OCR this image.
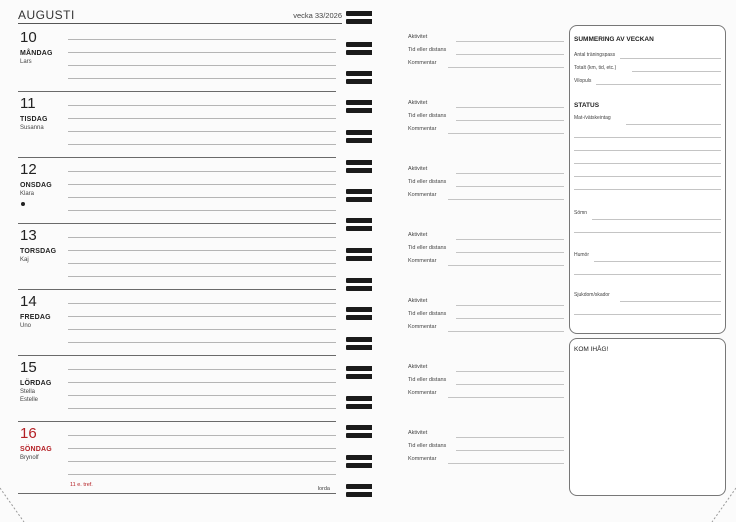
AUGUSTI	vecka 33/2026
10
MÅNDAG
Lars
11
TISDAG
Susanna
12
ONSDAG
Klara
13
TORSDAG
Kaj
14
FREDAG
Uno
15
LÖRDAG
Stella
Estelle
16
SÖNDAG
Brynolf
11 e. tref.
Iorda
Aktivitet
Tid eller distans
Kommentar
Aktivitet
Tid eller distans
Kommentar
Aktivitet
Tid eller distans
Kommentar
Aktivitet
Tid eller distans
Kommentar
Aktivitet
Tid eller distans
Kommentar
Aktivitet
Tid eller distans
Kommentar
Aktivitet
Tid eller distans
Kommentar
SUMMERING AV VECKAN
Antal träningspass
Totalt (km, tid, etc.)
Vilopuls
STATUS
Mat-/vätskeintag
Sömn
Humör
Sjukdom/skador
KOM IHÅG!
